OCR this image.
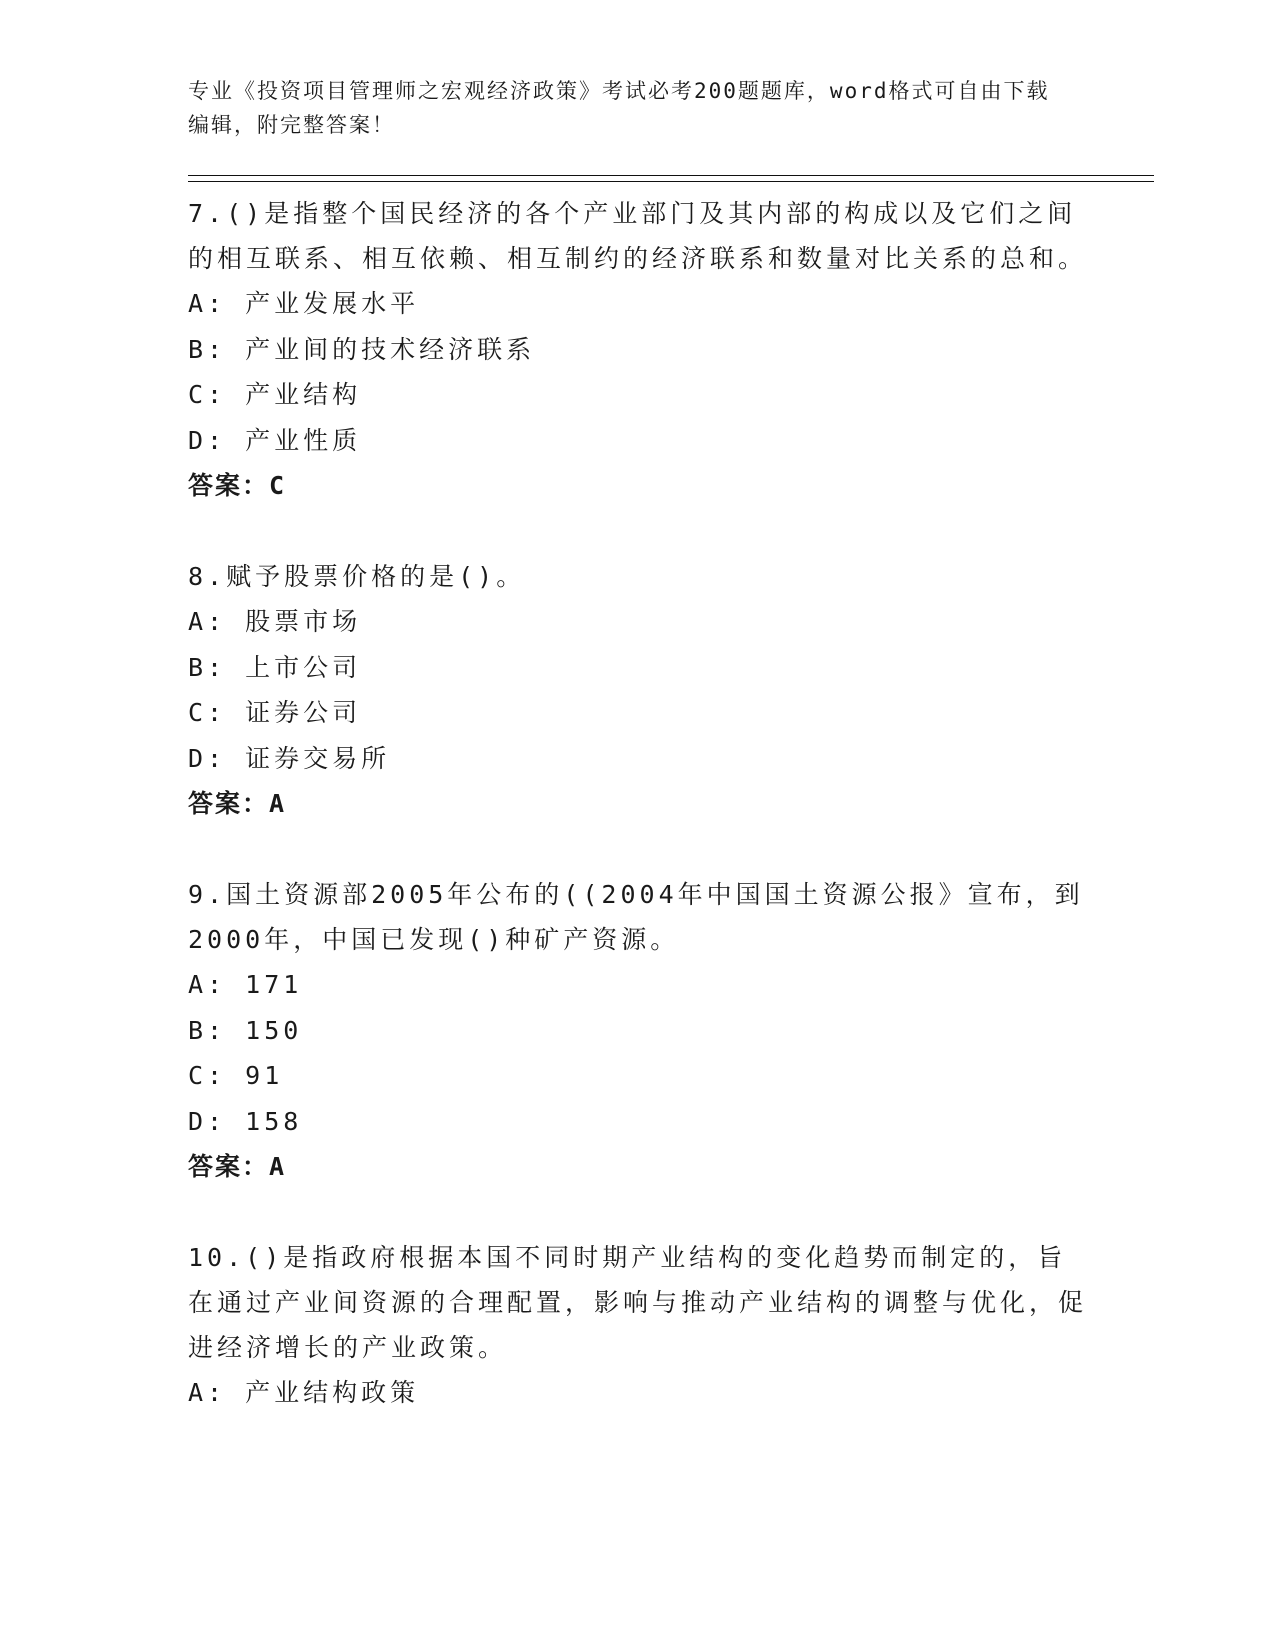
专业《投资项目管理师之宏观经济政策》考试必考200题题库，word格式可自由下载编辑，附完整答案！

7.()是指整个国民经济的各个产业部门及其内部的构成以及它们之间的相互联系、相互依赖、相互制约的经济联系和数量对比关系的总和。

A: 产业发展水平
B: 产业间的技术经济联系
C: 产业结构
D: 产业性质

答案：C

8.赋予股票价格的是()。

A: 股票市场
B: 上市公司
C: 证券公司
D: 证券交易所

答案：A

9.国土资源部2005年公布的((2004年中国国土资源公报》宣布，到2000年，中国已发现()种矿产资源。

A: 171
B: 150
C: 91
D: 158

答案：A

10.()是指政府根据本国不同时期产业结构的变化趋势而制定的，旨在通过产业间资源的合理配置，影响与推动产业结构的调整与优化，促进经济增长的产业政策。

A: 产业结构政策
